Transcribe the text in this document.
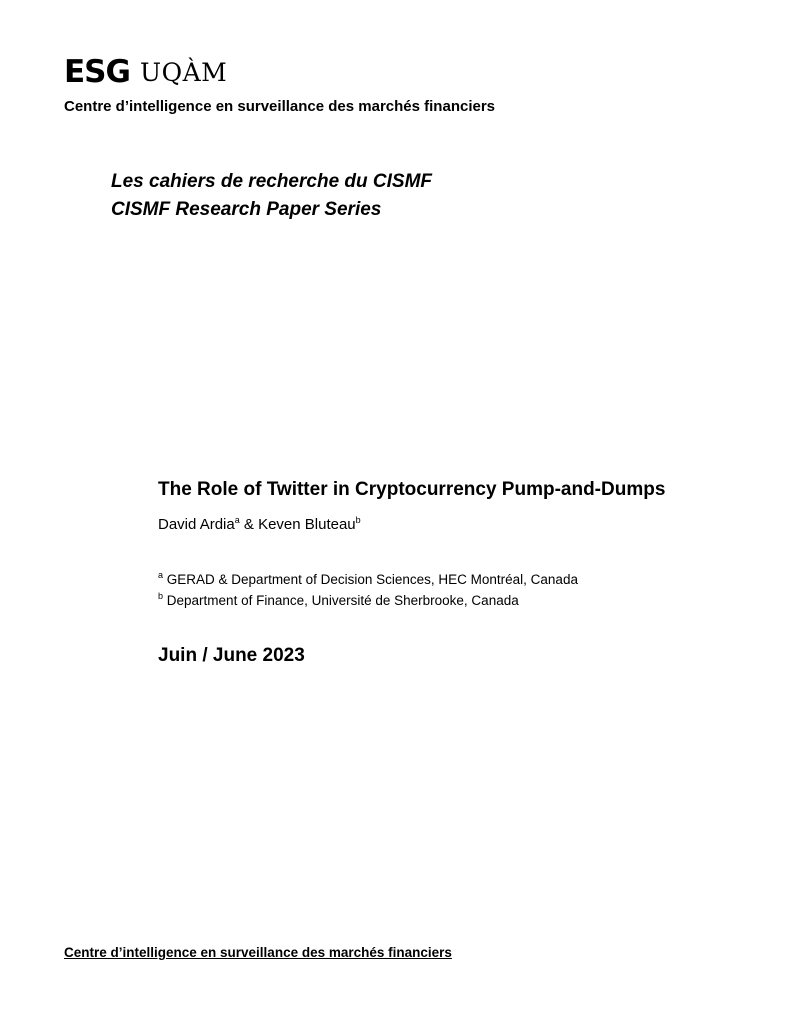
ESG UQÀM
Centre d’intelligence en surveillance des marchés financiers
Les cahiers de recherche du CISMF
CISMF Research Paper Series
The Role of Twitter in Cryptocurrency Pump-and-Dumps
David Ardia$^a$ & Keven Bluteau$^b$
$^a$ GERAD & Department of Decision Sciences, HEC Montréal, Canada
$^b$ Department of Finance, Université de Sherbrooke, Canada
Juin / June 2023
Centre d’intelligence en surveillance des marchés financiers
